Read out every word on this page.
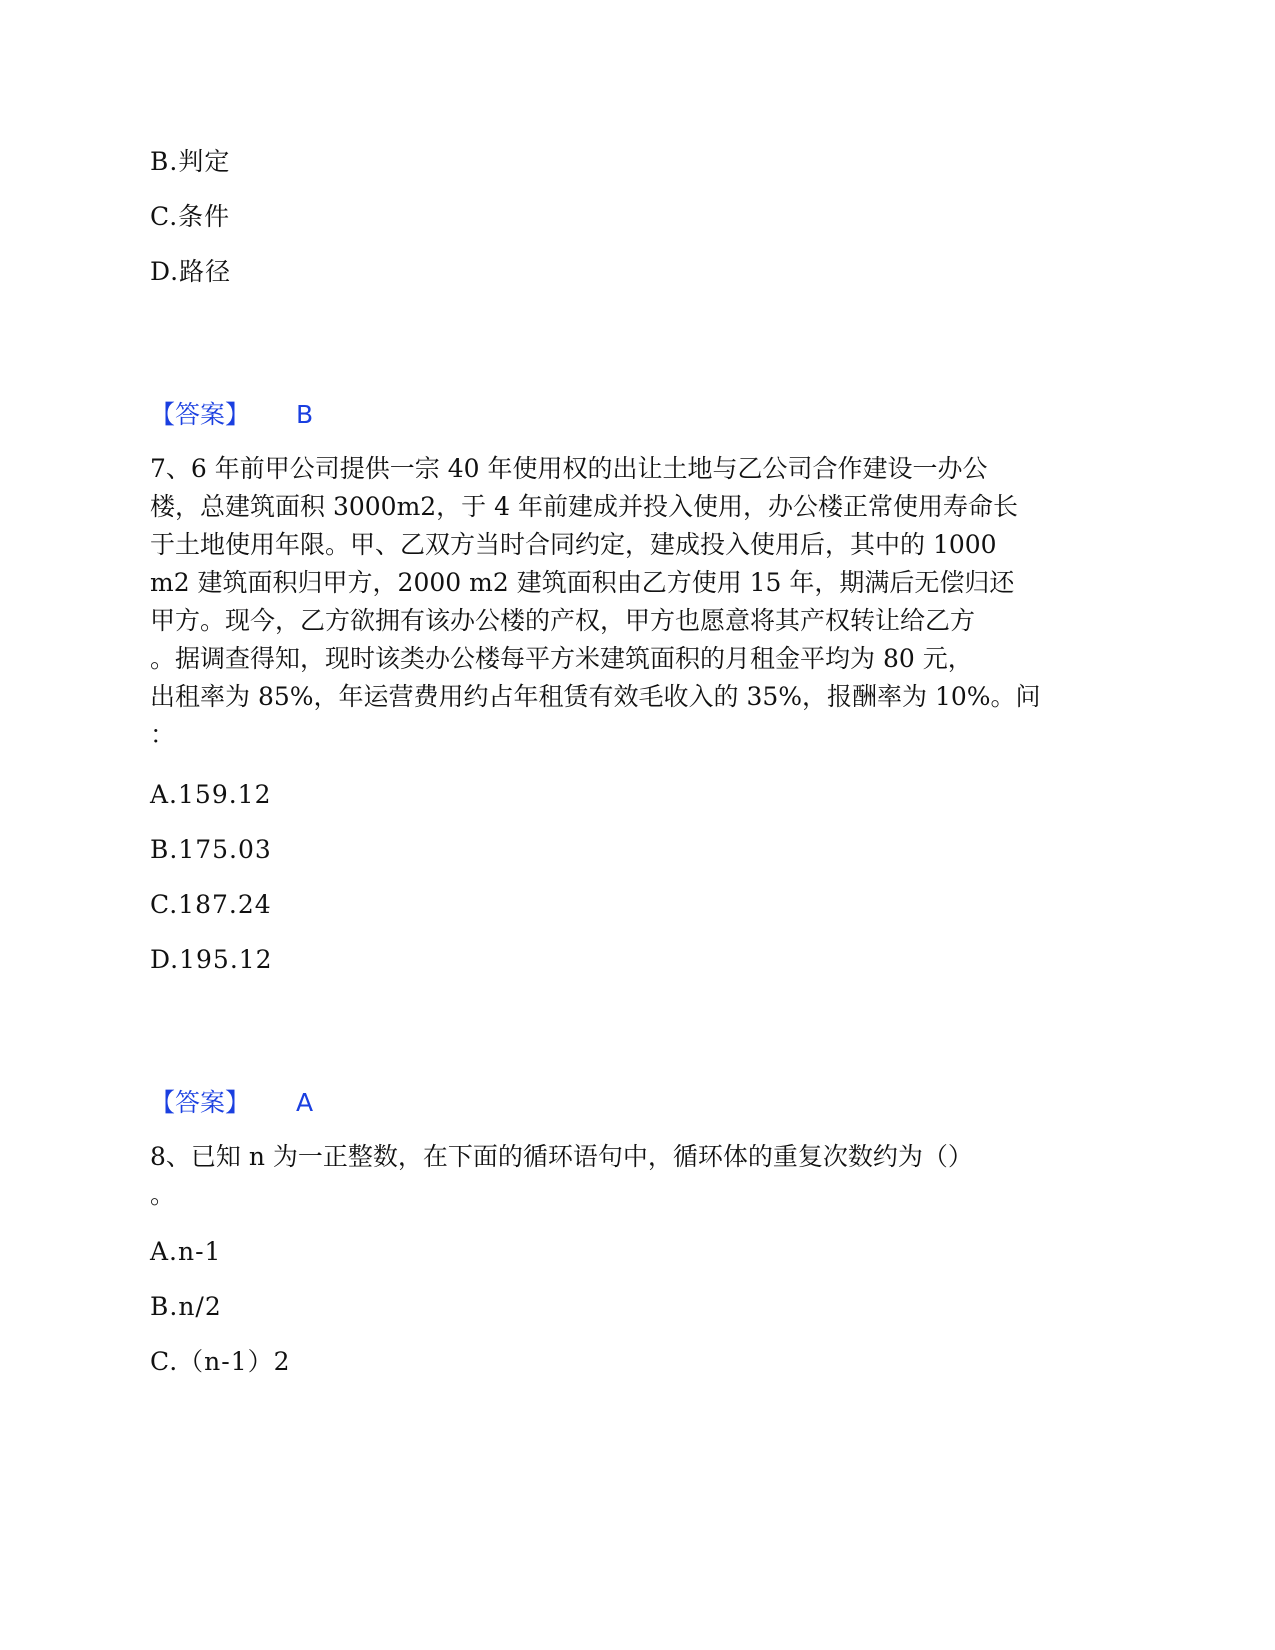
B.判定
C.条件
D.路径
【答案】 B

7、6 年前甲公司提供一宗 40 年使用权的出让土地与乙公司合作建设一办公

楼，总建筑面积 3000m2，于 4 年前建成并投入使用，办公楼正常使用寿命长

于土地使用年限。甲、乙双方当时合同约定，建成投入使用后，其中的 1000

m2 建筑面积归甲方，2000 m2 建筑面积由乙方使用 15 年，期满后无偿归还

甲方。现今，乙方欲拥有该办公楼的产权，甲方也愿意将其产权转让给乙方

。据调查得知，现时该类办公楼每平方米建筑面积的月租金平均为 80 元，

出租率为 85%，年运营费用约占年租赁有效毛收入的 35%，报酬率为 10%。问

：

A.159.12
B.175.03
C.187.24
D.195.12
【答案】 A

8、已知 n 为一正整数，在下面的循环语句中，循环体的重复次数约为（）

。

A.n-1
B.n/2
C.（n-1）2
